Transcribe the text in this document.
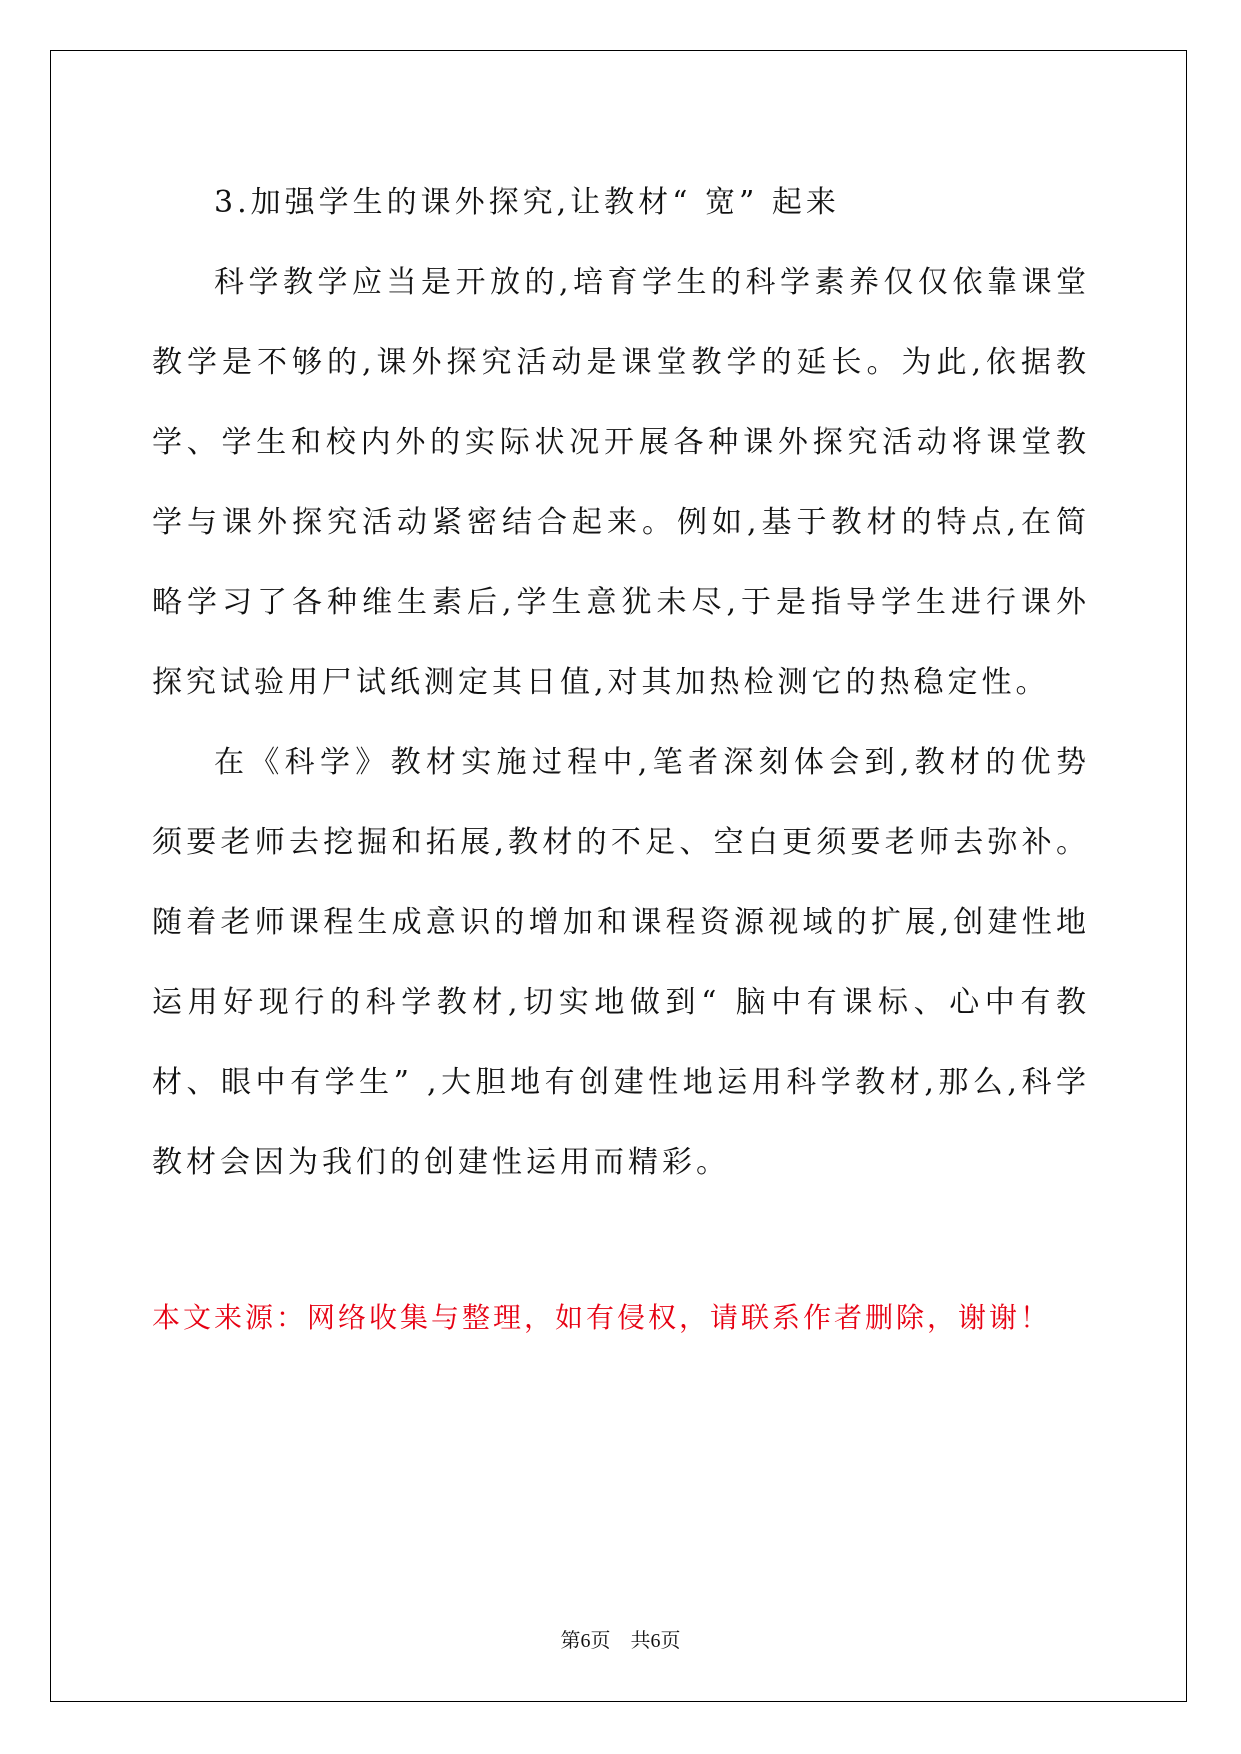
3.加强学生的课外探究,让教材“ 宽” 起来

科学教学应当是开放的,培育学生的科学素养仅仅依靠课堂教学是不够的,课外探究活动是课堂教学的延长。为此,依据教学、学生和校内外的实际状况开展各种课外探究活动将课堂教学与课外探究活动紧密结合起来。例如,基于教材的特点,在简略学习了各种维生素后,学生意犹未尽,于是指导学生进行课外探究试验用尸试纸测定其日值,对其加热检测它的热稳定性。

在《科学》教材实施过程中,笔者深刻体会到,教材的优势须要老师去挖掘和拓展,教材的不足、空白更须要老师去弥补。随着老师课程生成意识的增加和课程资源视域的扩展,创建性地运用好现行的科学教材,切实地做到“ 脑中有课标、心中有教材、眼中有学生” ,大胆地有创建性地运用科学教材,那么,科学教材会因为我们的创建性运用而精彩。

本文来源：网络收集与整理，如有侵权，请联系作者删除，谢谢！
第6页　共6页
